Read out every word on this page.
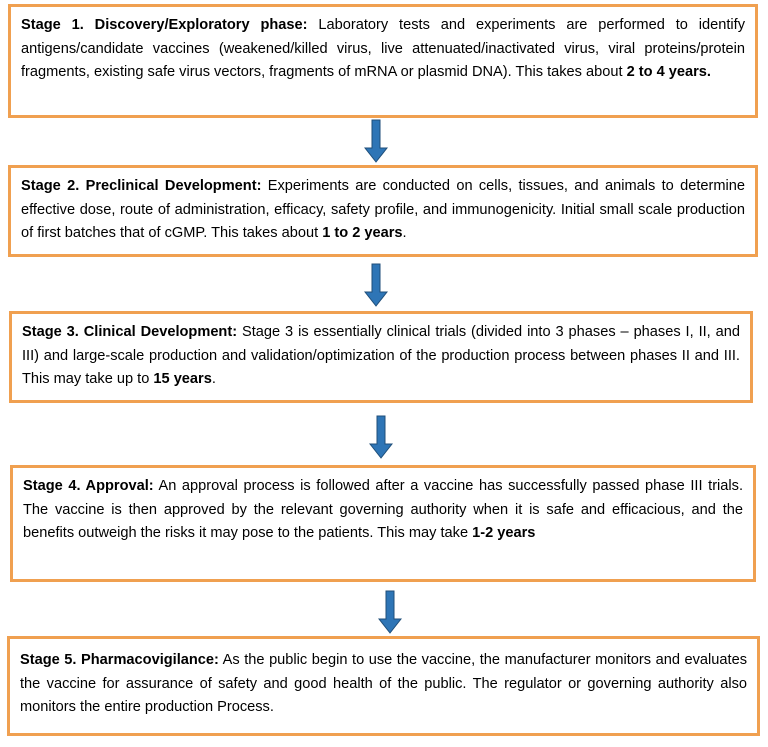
Stage 1. Discovery/Exploratory phase: Laboratory tests and experiments are performed to identify antigens/candidate vaccines (weakened/killed virus, live attenuated/inactivated virus, viral proteins/protein fragments, existing safe virus vectors, fragments of mRNA or plasmid DNA). This takes about 2 to 4 years.
Stage 2. Preclinical Development: Experiments are conducted on cells, tissues, and animals to determine effective dose, route of administration, efficacy, safety profile, and immunogenicity. Initial small scale production of first batches that of cGMP. This takes about 1 to 2 years.
Stage 3. Clinical Development: Stage 3 is essentially clinical trials (divided into 3 phases – phases I, II, and III) and large-scale production and validation/optimization of the production process between phases II and III. This may take up to 15 years.
Stage 4. Approval: An approval process is followed after a vaccine has successfully passed phase III trials. The vaccine is then approved by the relevant governing authority when it is safe and efficacious, and the benefits outweigh the risks it may pose to the patients. This may take 1-2 years
Stage 5. Pharmacovigilance: As the public begin to use the vaccine, the manufacturer monitors and evaluates the vaccine for assurance of safety and good health of the public. The regulator or governing authority also monitors the entire production Process.
